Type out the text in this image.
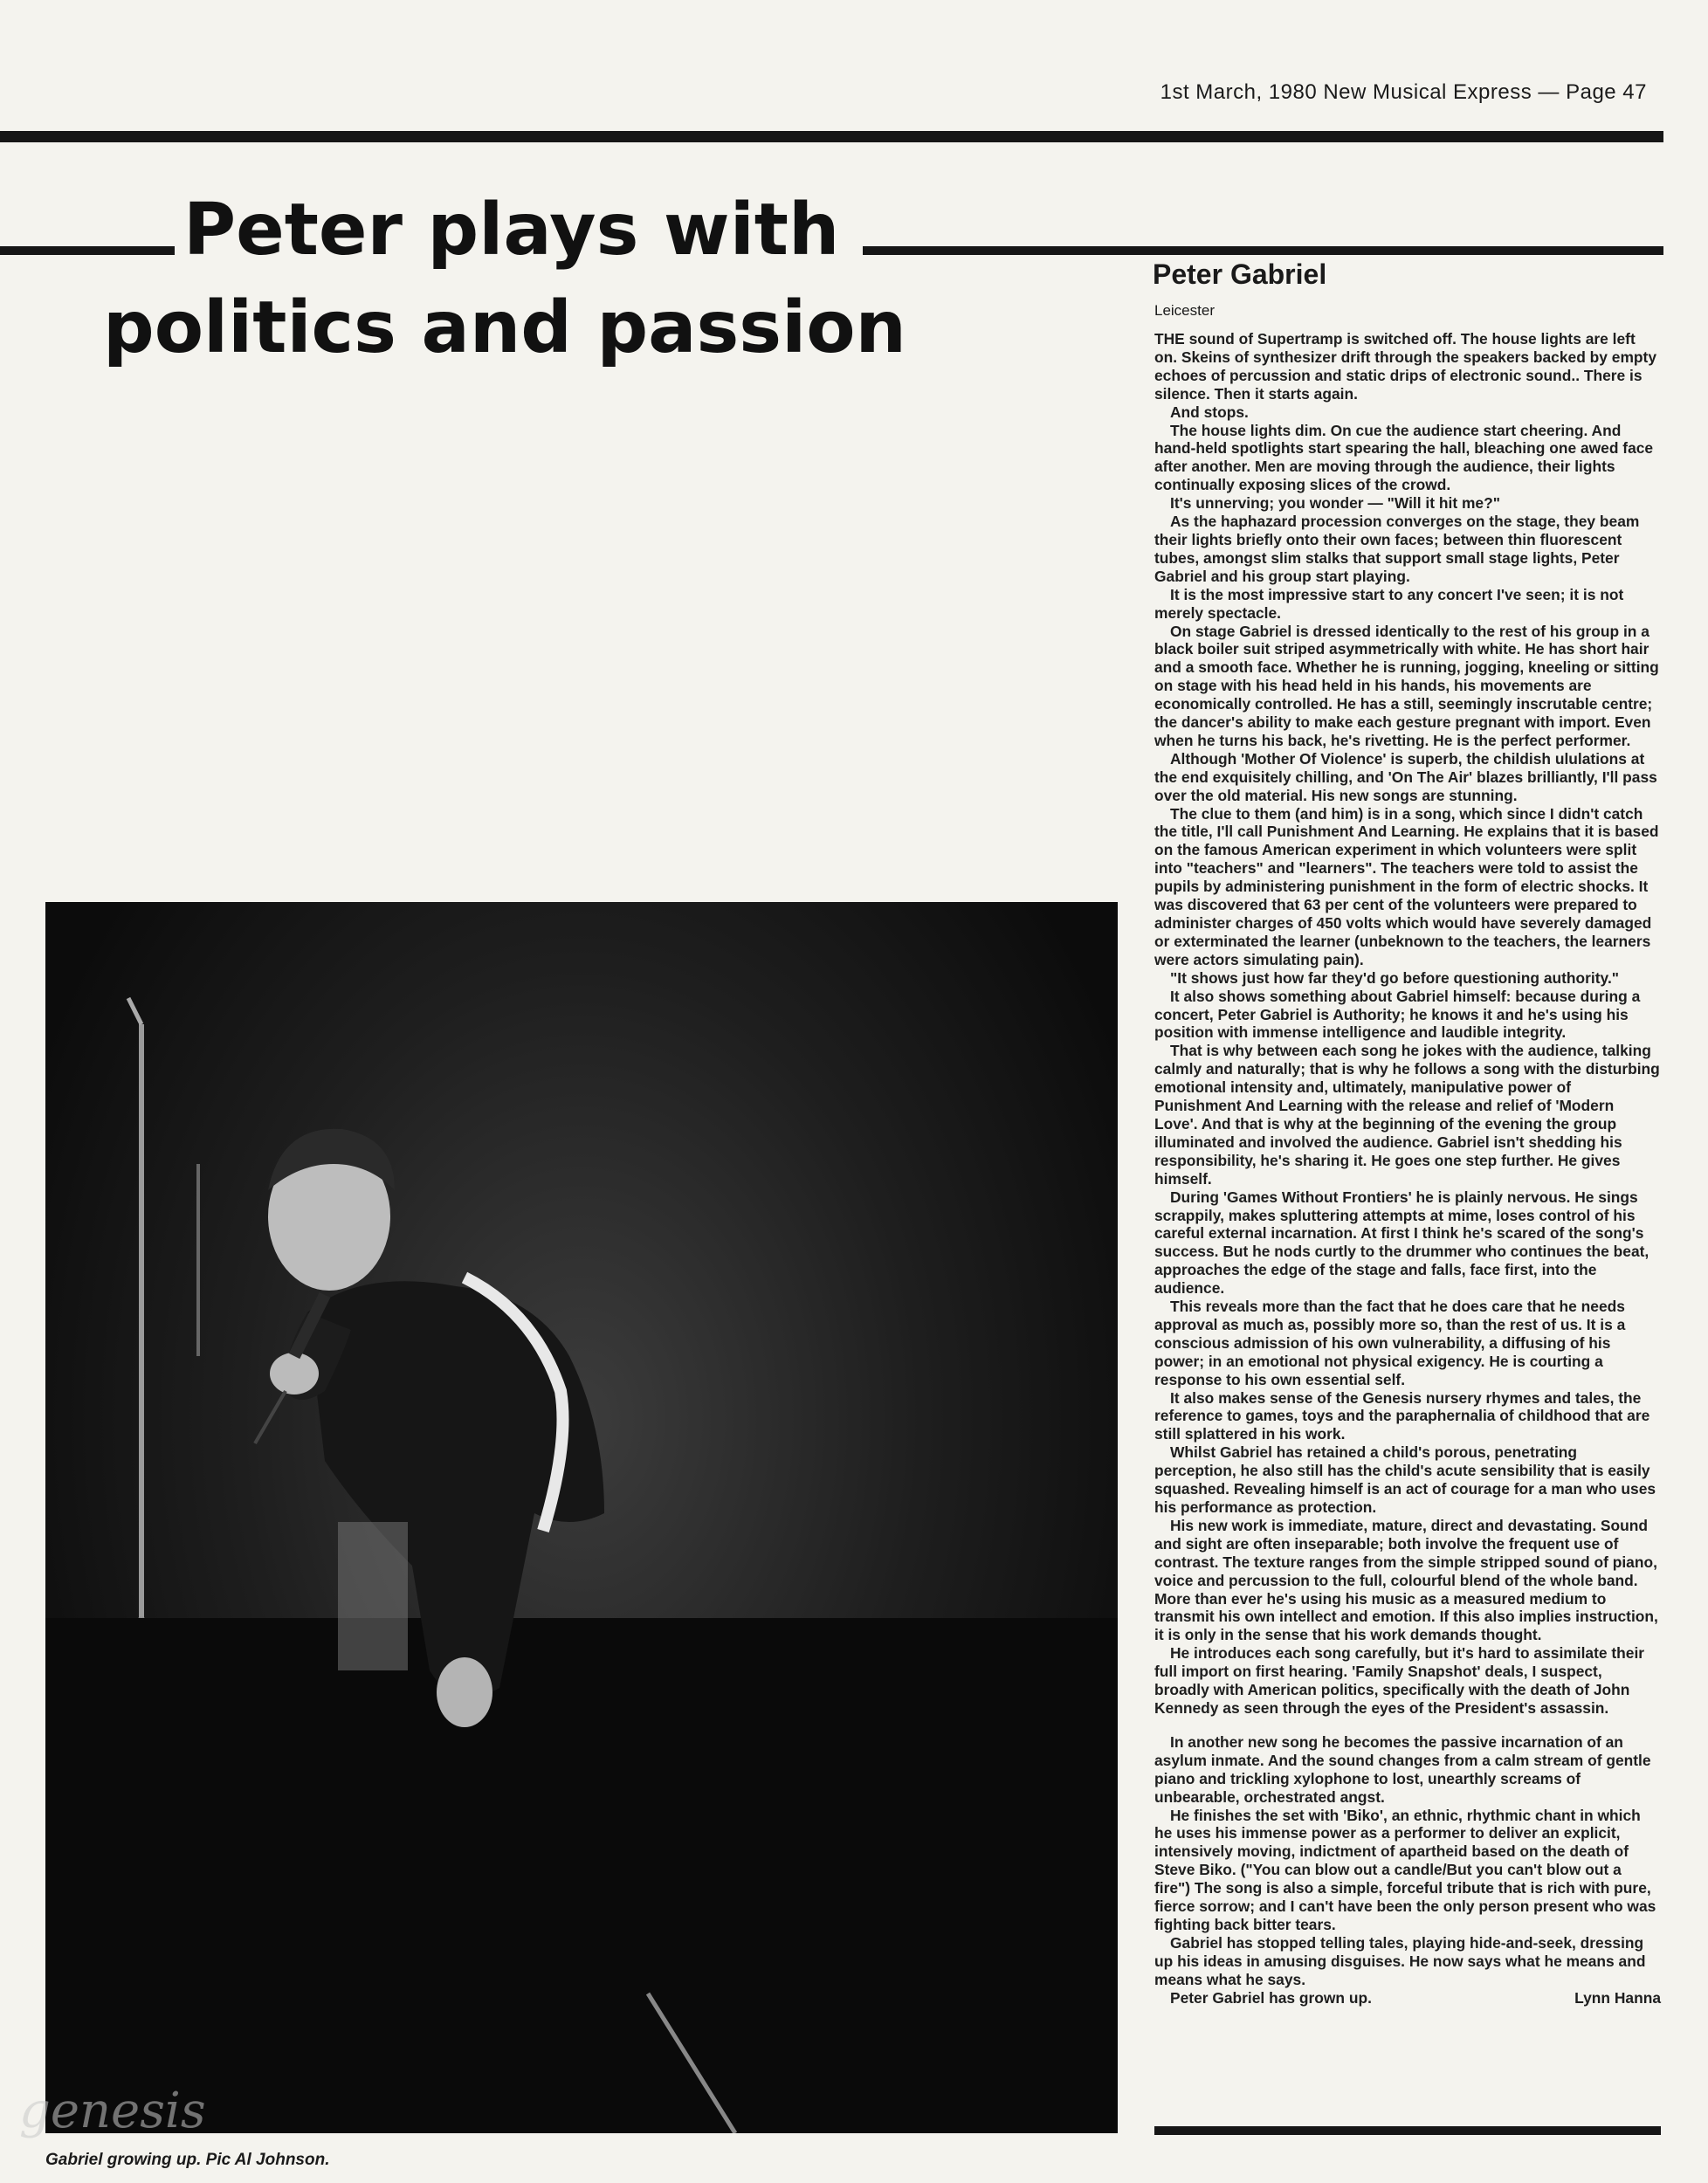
1st March, 1980 New Musical Express — Page 47
Peter plays with
politics and passion
genesis
Gabriel growing up. Pic Al Johnson.
Peter Gabriel
Leicester

THE sound of Supertramp is switched off. The house lights are left on. Skeins of synthesizer drift through the speakers backed by empty echoes of percussion and static drips of electronic sound.. There is silence. Then it starts again.

And stops.

The house lights dim. On cue the audience start cheering. And hand-held spotlights start spearing the hall, bleaching one awed face after another. Men are moving through the audience, their lights continually exposing slices of the crowd.

It's unnerving; you wonder — "Will it hit me?"

As the haphazard procession converges on the stage, they beam their lights briefly onto their own faces; between thin fluorescent tubes, amongst slim stalks that support small stage lights, Peter Gabriel and his group start playing.

It is the most impressive start to any concert I've seen; it is not merely spectacle.

On stage Gabriel is dressed identically to the rest of his group in a black boiler suit striped asymmetrically with white. He has short hair and a smooth face. Whether he is running, jogging, kneeling or sitting on stage with his head held in his hands, his movements are economically controlled. He has a still, seemingly inscrutable centre; the dancer's ability to make each gesture pregnant with import. Even when he turns his back, he's rivetting. He is the perfect performer.

Although 'Mother Of Violence' is superb, the childish ululations at the end exquisitely chilling, and 'On The Air' blazes brilliantly, I'll pass over the old material. His new songs are stunning.

The clue to them (and him) is in a song, which since I didn't catch the title, I'll call Punishment And Learning. He explains that it is based on the famous American experiment in which volunteers were split into "teachers" and "learners". The teachers were told to assist the pupils by administering punishment in the form of electric shocks. It was discovered that 63 per cent of the volunteers were prepared to administer charges of 450 volts which would have severely damaged or exterminated the learner (unbeknown to the teachers, the learners were actors simulating pain).

"It shows just how far they'd go before questioning authority."

It also shows something about Gabriel himself: because during a concert, Peter Gabriel is Authority; he knows it and he's using his position with immense intelligence and laudible integrity.

That is why between each song he jokes with the audience, talking calmly and naturally; that is why he follows a song with the disturbing emotional intensity and, ultimately, manipulative power of Punishment And Learning with the release and relief of 'Modern Love'. And that is why at the beginning of the evening the group illuminated and involved the audience. Gabriel isn't shedding his responsibility, he's sharing it. He goes one step further. He gives himself.

During 'Games Without Frontiers' he is plainly nervous. He sings scrappily, makes spluttering attempts at mime, loses control of his careful external incarnation. At first I think he's scared of the song's success. But he nods curtly to the drummer who continues the beat, approaches the edge of the stage and falls, face first, into the audience.

This reveals more than the fact that he does care that he needs approval as much as, possibly more so, than the rest of us. It is a conscious admission of his own vulnerability, a diffusing of his power; in an emotional not physical exigency. He is courting a response to his own essential self.

It also makes sense of the Genesis nursery rhymes and tales, the reference to games, toys and the paraphernalia of childhood that are still splattered in his work.

Whilst Gabriel has retained a child's porous, penetrating perception, he also still has the child's acute sensibility that is easily squashed. Revealing himself is an act of courage for a man who uses his performance as protection.

His new work is immediate, mature, direct and devastating. Sound and sight are often inseparable; both involve the frequent use of contrast. The texture ranges from the simple stripped sound of piano, voice and percussion to the full, colourful blend of the whole band. More than ever he's using his music as a measured medium to transmit his own intellect and emotion. If this also implies instruction, it is only in the sense that his work demands thought.

He introduces each song carefully, but it's hard to assimilate their full import on first hearing. 'Family Snapshot' deals, I suspect, broadly with American politics, specifically with the death of John Kennedy as seen through the eyes of the President's assassin.

In another new song he becomes the passive incarnation of an asylum inmate. And the sound changes from a calm stream of gentle piano and trickling xylophone to lost, unearthly screams of unbearable, orchestrated angst.

He finishes the set with 'Biko', an ethnic, rhythmic chant in which he uses his immense power as a performer to deliver an explicit, intensively moving, indictment of apartheid based on the death of Steve Biko. ("You can blow out a candle/But you can't blow out a fire") The song is also a simple, forceful tribute that is rich with pure, fierce sorrow; and I can't have been the only person present who was fighting back bitter tears.

Gabriel has stopped telling tales, playing hide-and-seek, dressing up his ideas in amusing disguises. He now says what he means and means what he says.

Peter Gabriel has grown up.	Lynn Hanna
